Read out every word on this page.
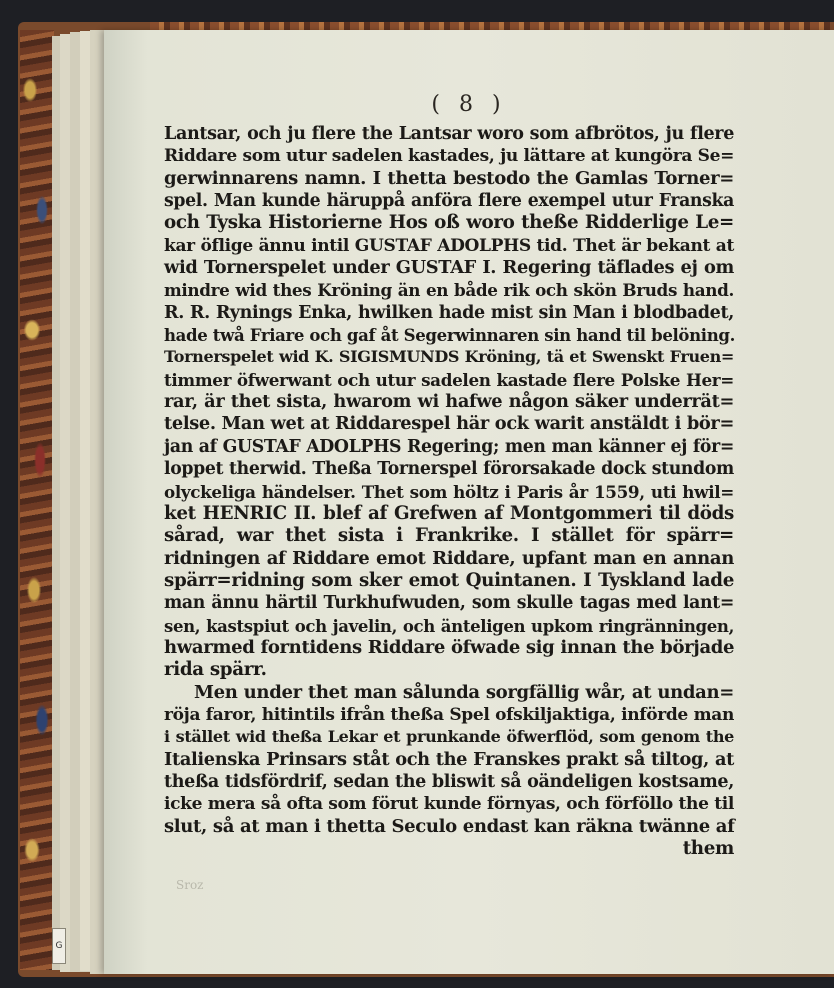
G
( 8 )
Lantsar, och ju flere the Lantsar woro som afbrötos, ju flere
Riddare som utur sadelen kastades, ju lättare at kungöra Se=
gerwinnarens namn. I thetta bestodo the Gamlas Torner=
spel. Man kunde häruppå anföra flere exempel utur Franska
och Tyska Historierne Hos oß woro theße Ridderlige Le=
kar öflige ännu intil GUSTAF ADOLPHS tid. Thet är bekant at
wid Tornerspelet under GUSTAF I. Regering täflades ej om
mindre wid thes Kröning än en både rik och skön Bruds hand.
R. R. Rynings Enka, hwilken hade mist sin Man i blodbadet,
hade twå Friare och gaf åt Segerwinnaren sin hand til belöning.
Tornerspelet wid K. SIGISMUNDS Kröning, tä et Swenskt Fruen=
timmer öfwerwant och utur sadelen kastade flere Polske Her=
rar, är thet sista, hwarom wi hafwe någon säker underrät=
telse. Man wet at Riddarespel här ock warit anstäldt i bör=
jan af GUSTAF ADOLPHS Regering; men man känner ej för=
loppet therwid. Theßa Tornerspel förorsakade dock stundom
olyckeliga händelser. Thet som höltz i Paris år 1559, uti hwil=
ket HENRIC II. blef af Grefwen af Montgommeri til döds
sårad, war thet sista i Frankrike. I stället för spärr=
ridningen af Riddare emot Riddare, upfant man en annan
spärr=ridning som sker emot Quintanen. I Tyskland lade
man ännu härtil Turkhufwuden, som skulle tagas med lant=
sen, kastspiut och javelin, och änteligen upkom ringränningen,
hwarmed forntidens Riddare öfwade sig innan the började
rida spärr.
Men under thet man sålunda sorgfällig wår, at undan=
röja faror, hitintils ifrån theßa Spel ofskiljaktiga, införde man
i stället wid theßa Lekar et prunkande öfwerflöd, som genom the
Italienska Prinsars ståt och the Franskes prakt så tiltog, at
theßa tidsfördrif, sedan the bliswit så oändeligen kostsame,
icke mera så ofta som förut kunde förnyas, och förföllo the til
slut, så at man i thetta Seculo endast kan räkna twänne af
them
Sroz
